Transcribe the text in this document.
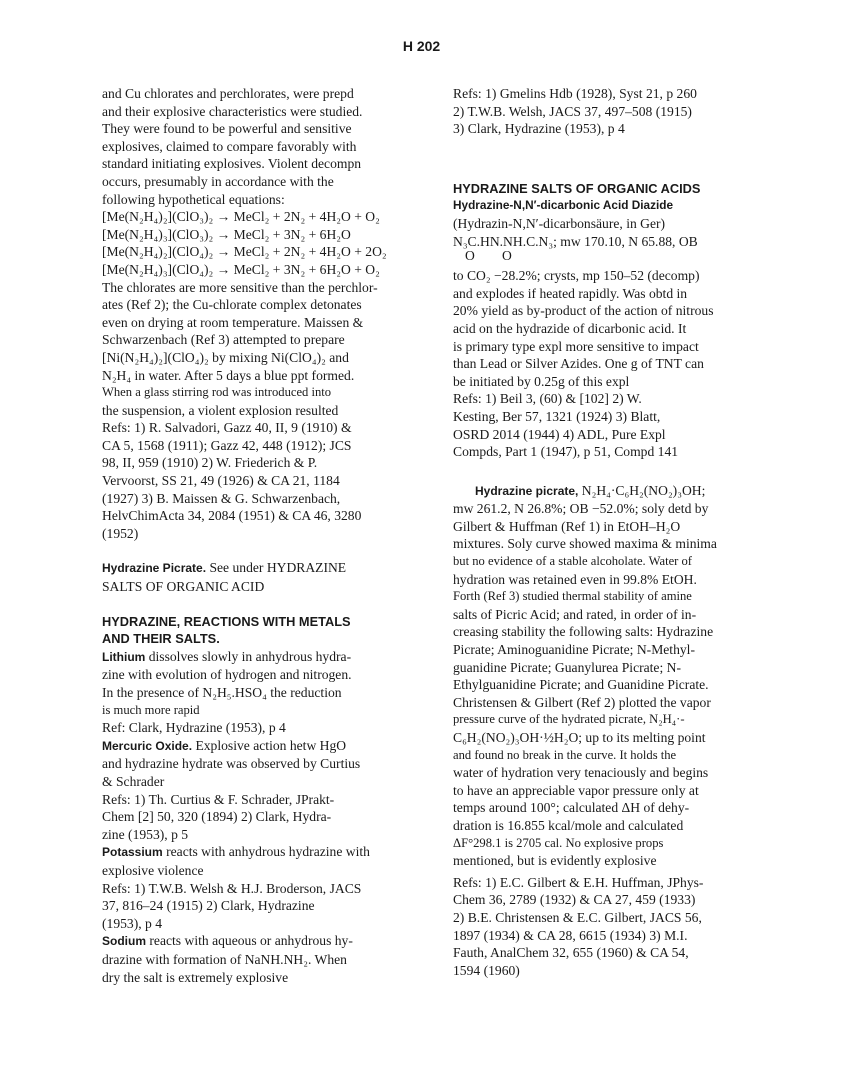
H 202
and Cu chlorates and perchlorates, were prepd
and their explosive characteristics were studied.
They were found to be powerful and sensitive
explosives, claimed to compare favorably with
standard initiating explosives. Violent decompn
occurs, presumably in accordance with the
following hypothetical equations:
[Me(N₂H₄)₂](ClO₃)₂ → MeCl₂ + 2N₂ + 4H₂O + O₂
[Me(N₂H₄)₃](ClO₃)₂ → MeCl₂ + 3N₂ + 6H₂O
[Me(N₂H₄)₂](ClO₄)₂ → MeCl₂ + 2N₂ + 4H₂O + 2O₂
[Me(N₂H₄)₃](ClO₄)₂ → MeCl₂ + 3N₂ + 6H₂O + O₂
The chlorates are more sensitive than the perchlor-
ates (Ref 2); the Cu-chlorate complex detonates
even on drying at room temperature. Maissen &
Schwarzenbach (Ref 3) attempted to prepare
[Ni(N₂H₄)₂](ClO₄)₂ by mixing Ni(ClO₄)₂ and
N₂H₄ in water. After 5 days a blue ppt formed.
When a glass stirring rod was introduced into
the suspension, a violent explosion resulted
Refs: 1) R. Salvadori, Gazz 40, II, 9 (1910) &
CA 5, 1568 (1911); Gazz 42, 448 (1912); JCS
98, II, 959 (1910) 2) W. Friederich & P.
Vervoorst, SS 21, 49 (1926) & CA 21, 1184
(1927) 3) B. Maissen & G. Schwarzenbach,
HelvChimActa 34, 2084 (1951) & CA 46, 3280
(1952)
Hydrazine Picrate. See under HYDRAZINE
SALTS OF ORGANIC ACID
HYDRAZINE, REACTIONS WITH METALS
AND THEIR SALTS.
Lithium dissolves slowly in anhydrous hydra-
zine with evolution of hydrogen and nitrogen.
In the presence of N₂H₅.HSO₄ the reduction
is much more rapid
Ref: Clark, Hydrazine (1953), p 4
Mercuric Oxide. Explosive action hetw HgO
and hydrazine hydrate was observed by Curtius
& Schrader
Refs: 1) Th. Curtius & F. Schrader, JPrakt-
Chem [2] 50, 320 (1894) 2) Clark, Hydra-
zine (1953), p 5
Potassium reacts with anhydrous hydrazine with
explosive violence
Refs: 1) T.W.B. Welsh & H.J. Broderson, JACS
37, 816–24 (1915) 2) Clark, Hydrazine
(1953), p 4
Sodium reacts with aqueous or anhydrous hy-
drazine with formation of NaNH.NH₂. When
dry the salt is extremely explosive
Refs: 1) Gmelins Hdb (1928), Syst 21, p 260
2) T.W.B. Welsh, JACS 37, 497–508 (1915)
3) Clark, Hydrazine (1953), p 4
HYDRAZINE SALTS OF ORGANIC ACIDS
Hydrazine-N,N′-dicarbonic Acid Diazide
(Hydrazin-N,N′-dicarbonsäure, in Ger)
N₃C.HN.NH.C.N₃; mw 170.10, N 65.88, OB
O        O
to CO₂ −28.2%; crysts, mp 150–52 (decomp)
and explodes if heated rapidly. Was obtd in
20% yield as by-product of the action of nitrous
acid on the hydrazide of dicarbonic acid. It
is primary type expl more sensitive to impact
than Lead or Silver Azides. One g of TNT can
be initiated by 0.25g of this expl
Refs: 1) Beil 3, (60) & [102] 2) W.
Kesting, Ber 57, 1321 (1924) 3) Blatt,
OSRD 2014 (1944) 4) ADL, Pure Expl
Compds, Part 1 (1947), p 51, Compd 141
Hydrazine picrate, N₂H₄·C₆H₂(NO₂)₃OH;
mw 261.2, N 26.8%; OB −52.0%; soly detd by
Gilbert & Huffman (Ref 1) in EtOH–H₂O
mixtures. Soly curve showed maxima & minima
but no evidence of a stable alcoholate. Water of
hydration was retained even in 99.8% EtOH.
Forth (Ref 3) studied thermal stability of amine
salts of Picric Acid; and rated, in order of in-
creasing stability the following salts: Hydrazine
Picrate; Aminoguanidine Picrate; N-Methyl-
guanidine Picrate; Guanylurea Picrate; N-
Ethylguanidine Picrate; and Guanidine Picrate.
Christensen & Gilbert (Ref 2) plotted the vapor
pressure curve of the hydrated picrate, N₂H₄·-
C₆H₂(NO₂)₃OH·½H₂O; up to its melting point
and found no break in the curve. It holds the
water of hydration very tenaciously and begins
to have an appreciable vapor pressure only at
temps around 100°; calculated ΔH of dehy-
dration is 16.855 kcal/mole and calculated
ΔF°298.1 is 2705 cal. No explosive props
mentioned, but is evidently explosive
Refs: 1) E.C. Gilbert & E.H. Huffman, JPhys-
Chem 36, 2789 (1932) & CA 27, 459 (1933)
2) B.E. Christensen & E.C. Gilbert, JACS 56,
1897 (1934) & CA 28, 6615 (1934) 3) M.I.
Fauth, AnalChem 32, 655 (1960) & CA 54,
1594 (1960)
